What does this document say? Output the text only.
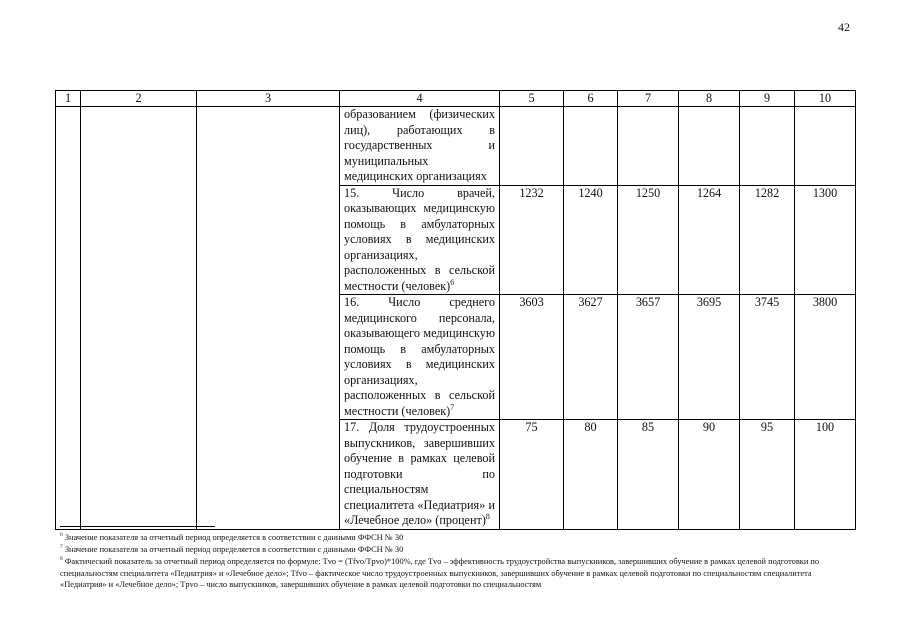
42
1	2	3	4	5	6	7	8	9	10
			образованием (физических лиц), работающих в государственных и муниципальных медицинских организациях						
			15. Число врачей, оказывающих медицинскую помощь в амбулаторных условиях в медицинских организациях, расположенных в сельской местности (человек)$^6$	1232	1240	1250	1264	1282	1300
			16. Число среднего медицинского персонала, оказывающего медицинскую помощь в амбулаторных условиях в медицинских организациях, расположенных в сельской местности (человек)$^7$	3603	3627	3657	3695	3745	3800
			17. Доля трудоустроенных выпускников, завершивших обучение в рамках целевой подготовки по специальностям специалитета «Педиатрия» и «Лечебное дело» (процент)$^8$	75	80	85	90	95	100

$^6$ Значение показателя за отчетный период определяется в соответствии с данными ФФСН № 30

$^7$ Значение показателя за отчетный период определяется в соответствии с данными ФФСН № 30

$^8$ Фактический показатель за отчетный период определяется по формуле: Tvo = (Tfvo/Tpvo)*100%, где Tvo – эффективность трудоустройства выпускников, завершивших обучение в рамках целевой подготовки по специальностям специалитета «Педиатрия» и «Лечебное дело»; Tfvo – фактическое число трудоустроенных выпускников, завершивших обучение в рамках целевой подготовки по специальностям специалитета «Педиатрия» и «Лечебное дело»; Tpvo – число выпускников, завершивших обучение в рамках целевой подготовки по специальностям
